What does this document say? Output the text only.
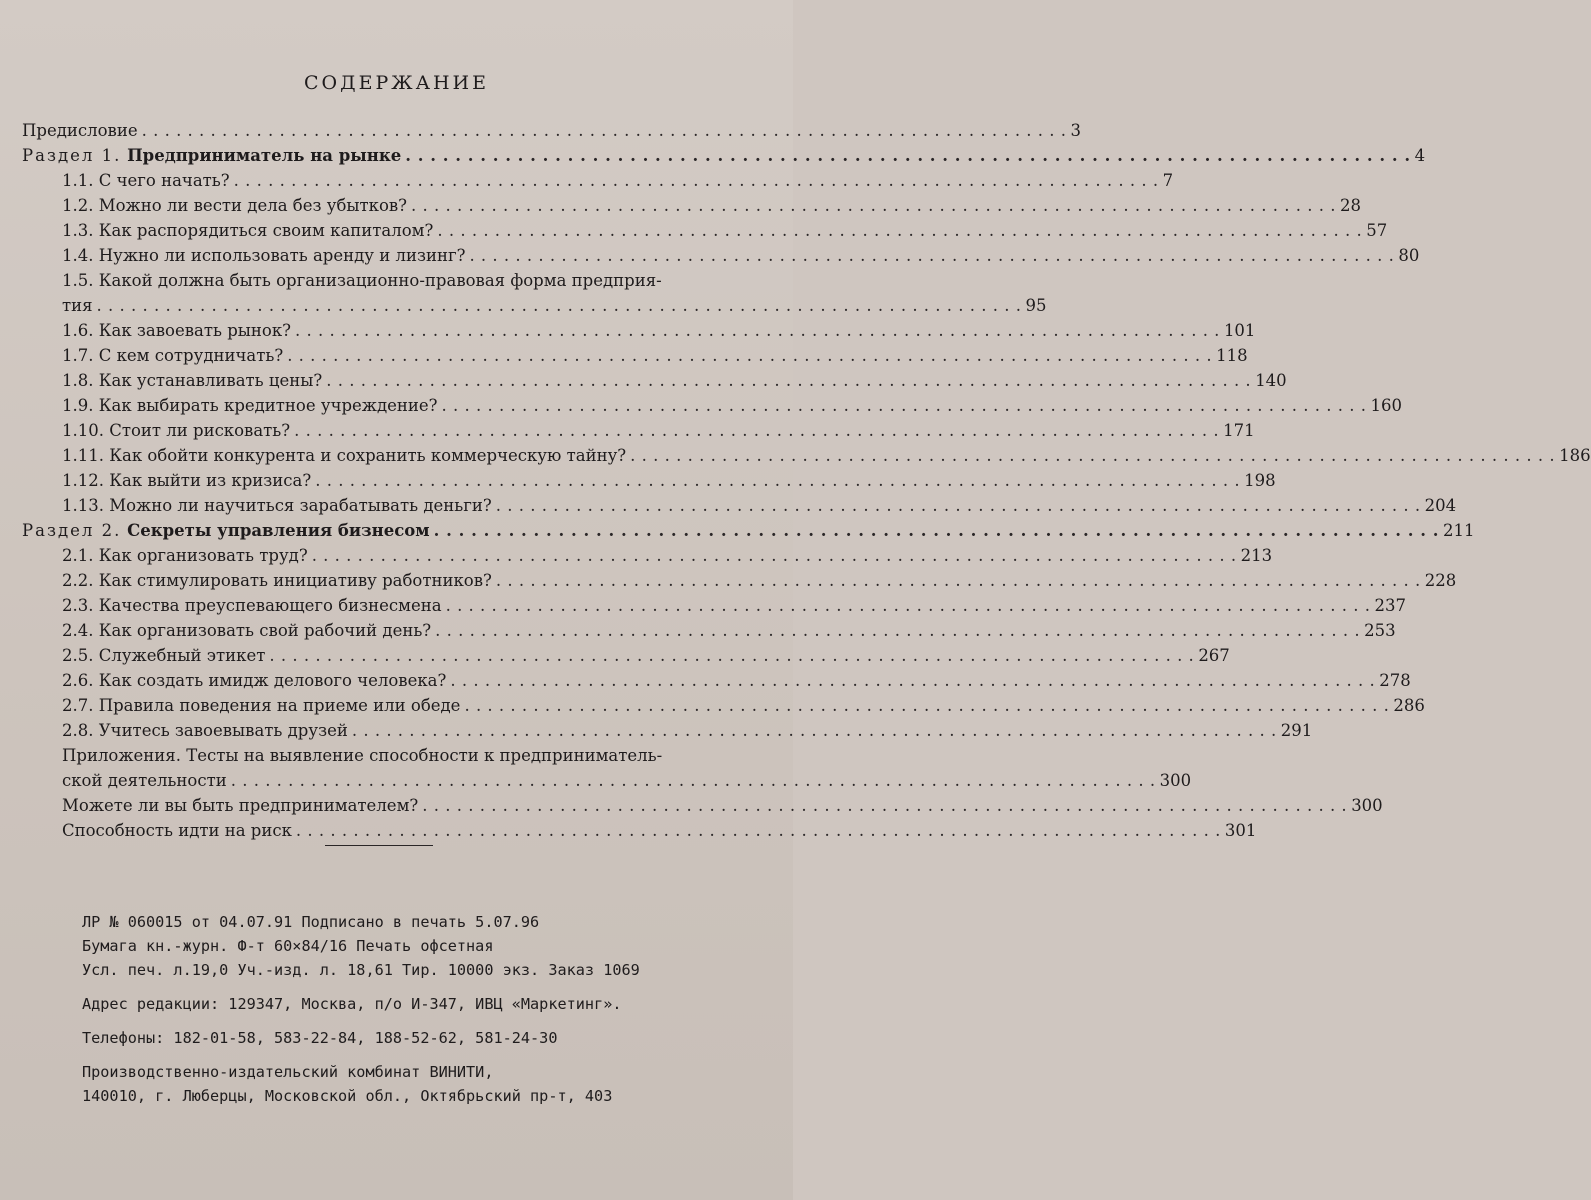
СОДЕРЖАНИЕ
Предисловие . . .	3
Раздел 1. Предприниматель на рынке . . .	4
1.1. С чего начать? . . .	7
1.2. Можно ли вести дела без убытков? . . .	28
1.3. Как распорядиться своим капиталом? . . .	57
1.4. Нужно ли использовать аренду и лизинг? . . .	80
1.5. Какой должна быть организационно-правовая форма предприя-
тия . . .	95
1.6. Как завоевать рынок? . . .	101
1.7. С кем сотрудничать? . . .	118
1.8. Как устанавливать цены? . . .	140
1.9. Как выбирать кредитное учреждение? . . .	160
1.10. Стоит ли рисковать? . . .	171
1.11. Как обойти конкурента и сохранить коммерческую тайну? . . .	186
1.12. Как выйти из кризиса? . . .	198
1.13. Можно ли научиться зарабатывать деньги? . . .	204
Раздел 2. Секреты управления бизнесом . . .	211
2.1. Как организовать труд? . . .	213
2.2. Как стимулировать инициативу работников? . . .	228
2.3. Качества преуспевающего бизнесмена . . .	237
2.4. Как организовать свой рабочий день? . . .	253
2.5. Служебный этикет . . .	267
2.6. Как создать имидж делового человека? . . .	278
2.7. Правила поведения на приеме или обеде . . .	286
2.8. Учитесь завоевывать друзей . . .	291
Приложения. Тесты на выявление способности к предприниматель-
ской деятельности . . .	300
Можете ли вы быть предпринимателем? . . .	300
Способность идти на риск . . .	301
ЛР № 060015 от 04.07.91 Подписано в печать 5.07.96
Бумага кн.-журн. Ф-т 60×84/16 Печать офсетная
Усл. печ. л.19,0 Уч.-изд. л. 18,61 Тир. 10000 экз. Заказ 1069
Адрес редакции: 129347, Москва, п/о И-347, ИВЦ «Маркетинг».
Телефоны: 182-01-58, 583-22-84, 188-52-62, 581-24-30
Производственно-издательский комбинат ВИНИТИ,
140010, г. Люберцы, Московской обл., Октябрьский пр-т, 403
